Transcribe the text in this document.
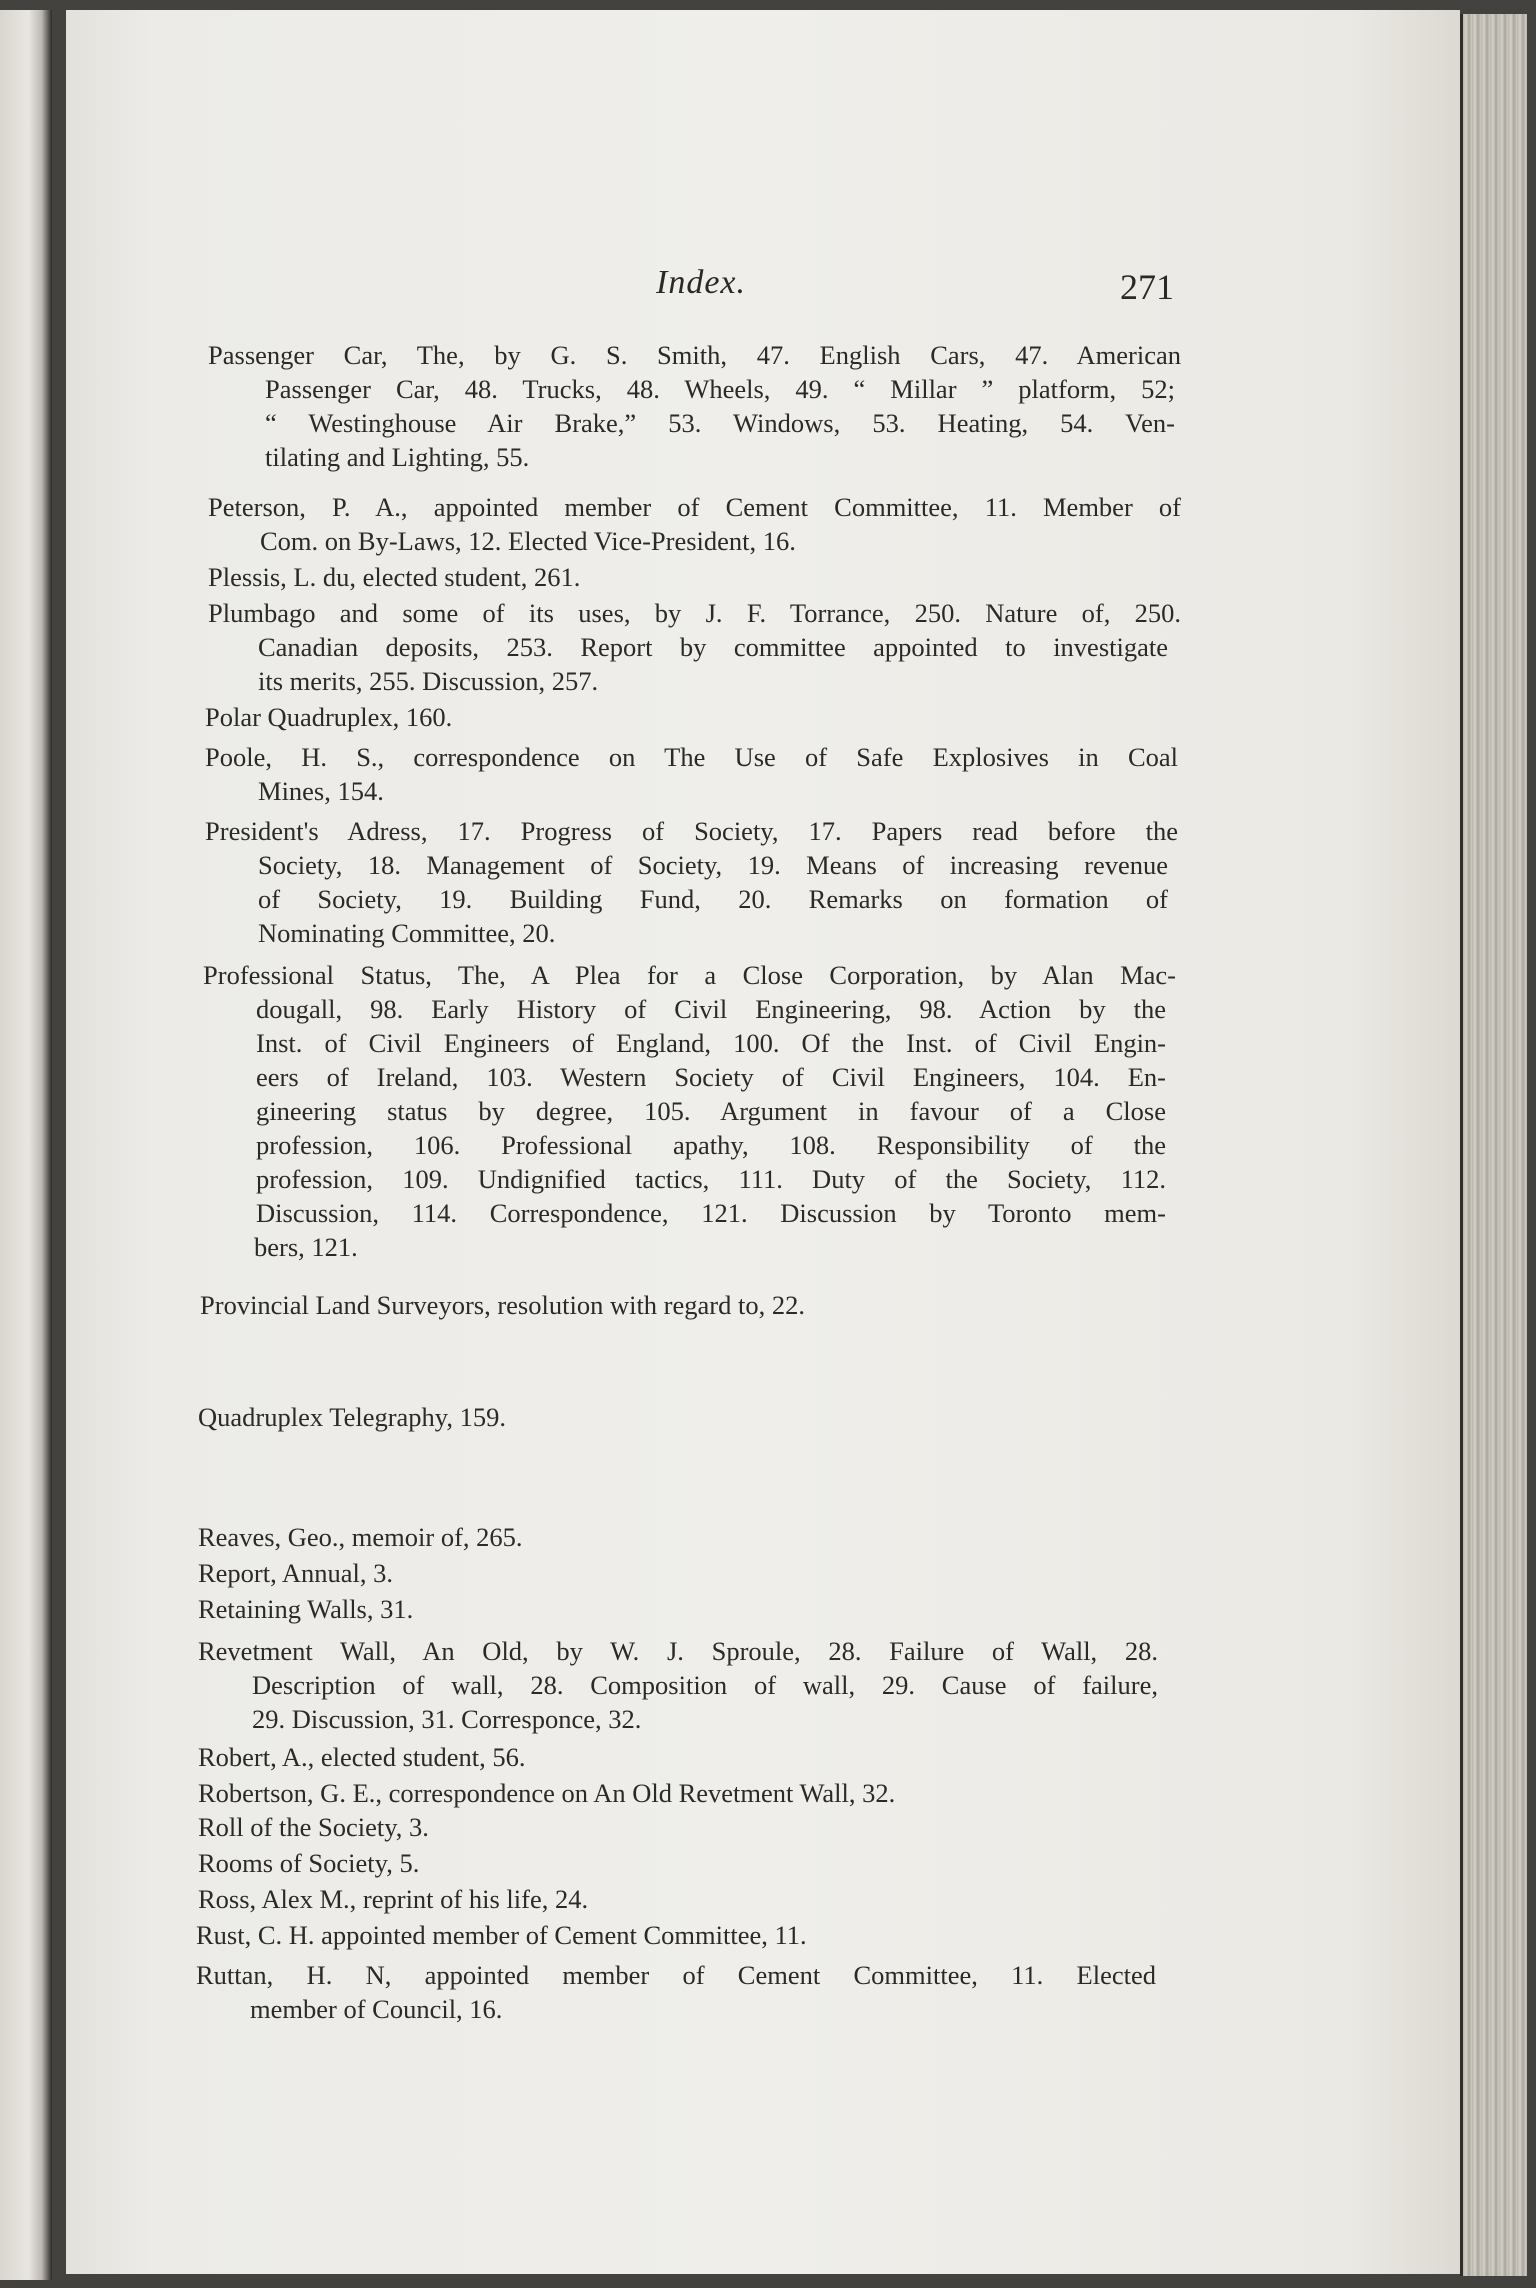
Index.	271
Passenger Car, The, by G. S. Smith, 47. English Cars, 47. American
Passenger Car, 48. Trucks, 48. Wheels, 49. “ Millar ” platform, 52;
“ Westinghouse Air Brake,” 53. Windows, 53. Heating, 54. Ven-
tilating and Lighting, 55.
Peterson, P. A., appointed member of Cement Committee, 11. Member of
Com. on By-Laws, 12. Elected Vice-President, 16.
Plessis, L. du, elected student, 261.
Plumbago and some of its uses, by J. F. Torrance, 250. Nature of, 250.
Canadian deposits, 253. Report by committee appointed to investigate
its merits, 255. Discussion, 257.
Polar Quadruplex, 160.
Poole, H. S., correspondence on The Use of Safe Explosives in Coal
Mines, 154.
President's Adress, 17. Progress of Society, 17. Papers read before the
Society, 18. Management of Society, 19. Means of increasing revenue
of Society, 19. Building Fund, 20. Remarks on formation of
Nominating Committee, 20.
Professional Status, The, A Plea for a Close Corporation, by Alan Mac-
dougall, 98. Early History of Civil Engineering, 98. Action by the
Inst. of Civil Engineers of England, 100. Of the Inst. of Civil Engin-
eers of Ireland, 103. Western Society of Civil Engineers, 104. En-
gineering status by degree, 105. Argument in favour of a Close
profession, 106. Professional apathy, 108. Responsibility of the
profession, 109. Undignified tactics, 111. Duty of the Society, 112.
Discussion, 114. Correspondence, 121. Discussion by Toronto mem-
bers, 121.
Provincial Land Surveyors, resolution with regard to, 22.
Quadruplex Telegraphy, 159.
Reaves, Geo., memoir of, 265.
Report, Annual, 3.
Retaining Walls, 31.
Revetment Wall, An Old, by W. J. Sproule, 28. Failure of Wall, 28.
Description of wall, 28. Composition of wall, 29. Cause of failure,
29. Discussion, 31. Corresponce, 32.
Robert, A., elected student, 56.
Robertson, G. E., correspondence on An Old Revetment Wall, 32.
Roll of the Society, 3.
Rooms of Society, 5.
Ross, Alex M., reprint of his life, 24.
Rust, C. H. appointed member of Cement Committee, 11.
Ruttan, H. N, appointed member of Cement Committee, 11. Elected
member of Council, 16.
